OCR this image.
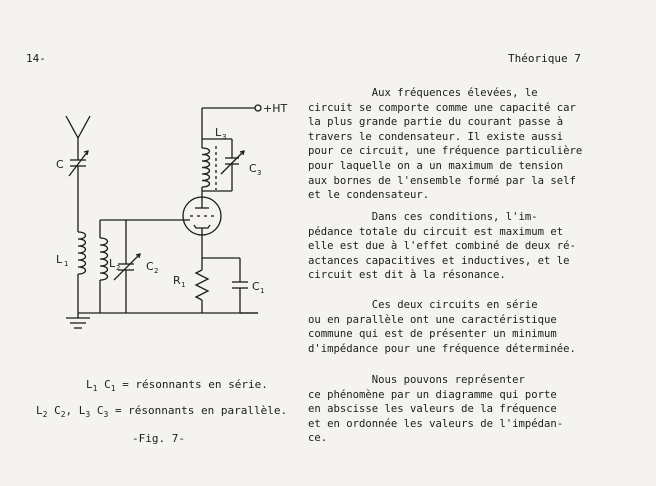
14-	Théorique 7
+HT
C
L 1	L 2 C 2
L 3
C 3
R 1	C 1
Aux fréquences élevées, le
circuit se comporte comme une capacité car
la plus grande partie du courant passe à
travers le condensateur. Il existe aussi
pour ce circuit, une fréquence particulière
pour laquelle on a un maximum de tension
aux bornes de l'ensemble formé par la self
et le condensateur.
Dans ces conditions, l'im-
pédance totale du circuit est maximum et
elle est due à l'effet combiné de deux ré-
actances capacitives et inductives, et le
circuit est dit à la résonance.
Ces deux circuits en série
ou en parallèle ont une caractéristique
commune qui est de présenter un minimum
d'impédance pour une fréquence déterminée.
Nous pouvons représenter
ce phénomène par un diagramme qui porte
en abscisse les valeurs de la fréquence
et en ordonnée les valeurs de l'impédan-
ce.
$L_1$ $C_1$ = résonnants en série.
$L_2$ $C_2$, $L_3$ $C_3$ = résonnants en parallèle.
-Fig. 7-
